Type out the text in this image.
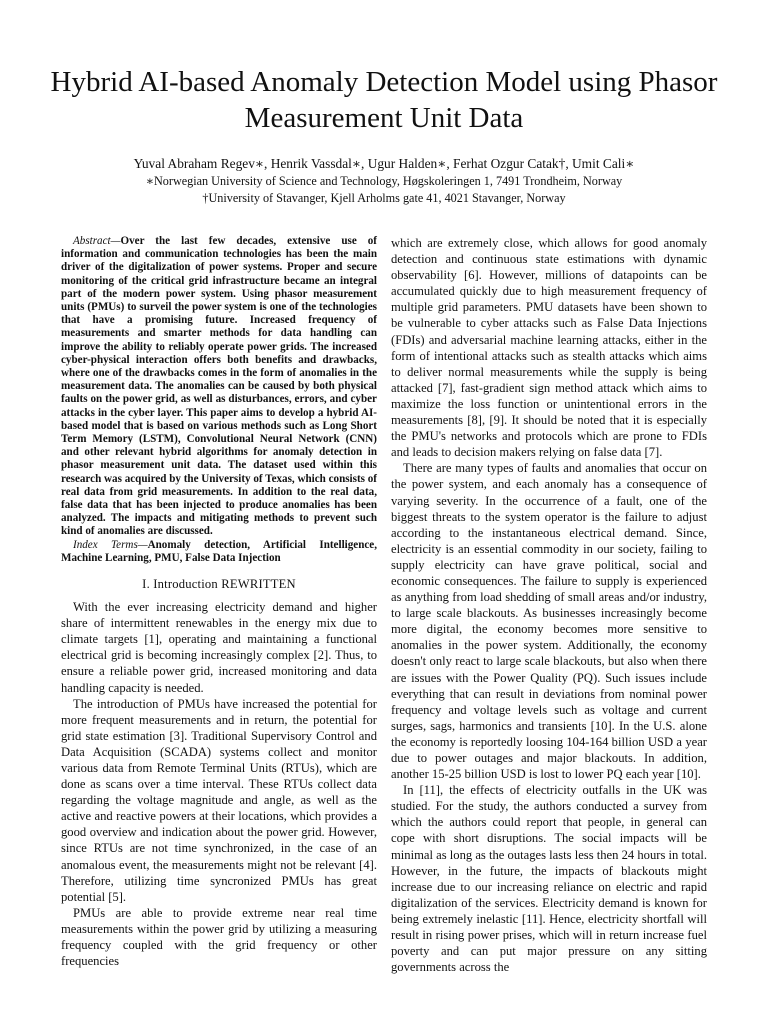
Hybrid AI-based Anomaly Detection Model using Phasor Measurement Unit Data
Yuval Abraham Regev∗, Henrik Vassdal∗, Ugur Halden∗, Ferhat Ozgur Catak†, Umit Cali∗
∗Norwegian University of Science and Technology, Høgskoleringen 1, 7491 Trondheim, Norway
†University of Stavanger, Kjell Arholms gate 41, 4021 Stavanger, Norway

Abstract—Over the last few decades, extensive use of information and communication technologies has been the main driver of the digitalization of power systems. Proper and secure monitoring of the critical grid infrastructure became an integral part of the modern power system. Using phasor measurement units (PMUs) to surveil the power system is one of the technologies that have a promising future. Increased frequency of measurements and smarter methods for data handling can improve the ability to reliably operate power grids. The increased cyber-physical interaction offers both benefits and drawbacks, where one of the drawbacks comes in the form of anomalies in the measurement data. The anomalies can be caused by both physical faults on the power grid, as well as disturbances, errors, and cyber attacks in the cyber layer. This paper aims to develop a hybrid AI-based model that is based on various methods such as Long Short Term Memory (LSTM), Convolutional Neural Network (CNN) and other relevant hybrid algorithms for anomaly detection in phasor measurement unit data. The dataset used within this research was acquired by the University of Texas, which consists of real data from grid measurements. In addition to the real data, false data that has been injected to produce anomalies has been analyzed. The impacts and mitigating methods to prevent such kind of anomalies are discussed.

Index Terms—Anomaly detection, Artificial Intelligence, Machine Learning, PMU, False Data Injection

I. Introduction REWRITTEN

With the ever increasing electricity demand and higher share of intermittent renewables in the energy mix due to climate targets [1], operating and maintaining a functional electrical grid is becoming increasingly complex [2]. Thus, to ensure a reliable power grid, increased monitoring and data handling capacity is needed.

The introduction of PMUs have increased the potential for more frequent measurements and in return, the potential for grid state estimation [3]. Traditional Supervisory Control and Data Acquisition (SCADA) systems collect and monitor various data from Remote Terminal Units (RTUs), which are done as scans over a time interval. These RTUs collect data regarding the voltage magnitude and angle, as well as the active and reactive powers at their locations, which provides a good overview and indication about the power grid. However, since RTUs are not time synchronized, in the case of an anomalous event, the measurements might not be relevant [4]. Therefore, utilizing time syncronized PMUs has great potential [5].

PMUs are able to provide extreme near real time measurements within the power grid by utilizing a measuring frequency coupled with the grid frequency or other frequencies

which are extremely close, which allows for good anomaly detection and continuous state estimations with dynamic observability [6]. However, millions of datapoints can be accumulated quickly due to high measurement frequency of multiple grid parameters. PMU datasets have been shown to be vulnerable to cyber attacks such as False Data Injections (FDIs) and adversarial machine learning attacks, either in the form of intentional attacks such as stealth attacks which aims to deliver normal measurements while the supply is being attacked [7], fast-gradient sign method attack which aims to maximize the loss function or unintentional errors in the measurements [8], [9]. It should be noted that it is especially the PMU's networks and protocols which are prone to FDIs and leads to decision makers relying on false data [7].

There are many types of faults and anomalies that occur on the power system, and each anomaly has a consequence of varying severity. In the occurrence of a fault, one of the biggest threats to the system operator is the failure to adjust according to the instantaneous electrical demand. Since, electricity is an essential commodity in our society, failing to supply electricity can have grave political, social and economic consequences. The failure to supply is experienced as anything from load shedding of small areas and/or industry, to large scale blackouts. As businesses increasingly become more digital, the economy becomes more sensitive to anomalies in the power system. Additionally, the economy doesn't only react to large scale blackouts, but also when there are issues with the Power Quality (PQ). Such issues include everything that can result in deviations from nominal power frequency and voltage levels such as voltage and current surges, sags, harmonics and transients [10]. In the U.S. alone the economy is reportedly loosing 104-164 billion USD a year due to power outages and major blackouts. In addition, another 15-25 billion USD is lost to lower PQ each year [10].

In [11], the effects of electricity outfalls in the UK was studied. For the study, the authors conducted a survey from which the authors could report that people, in general can cope with short disruptions. The social impacts will be minimal as long as the outages lasts less then 24 hours in total. However, in the future, the impacts of blackouts might increase due to our increasing reliance on electric and rapid digitalization of the services. Electricity demand is known for being extremely inelastic [11]. Hence, electricity shortfall will result in rising power prises, which will in return increase fuel poverty and can put major pressure on any sitting governments across the
